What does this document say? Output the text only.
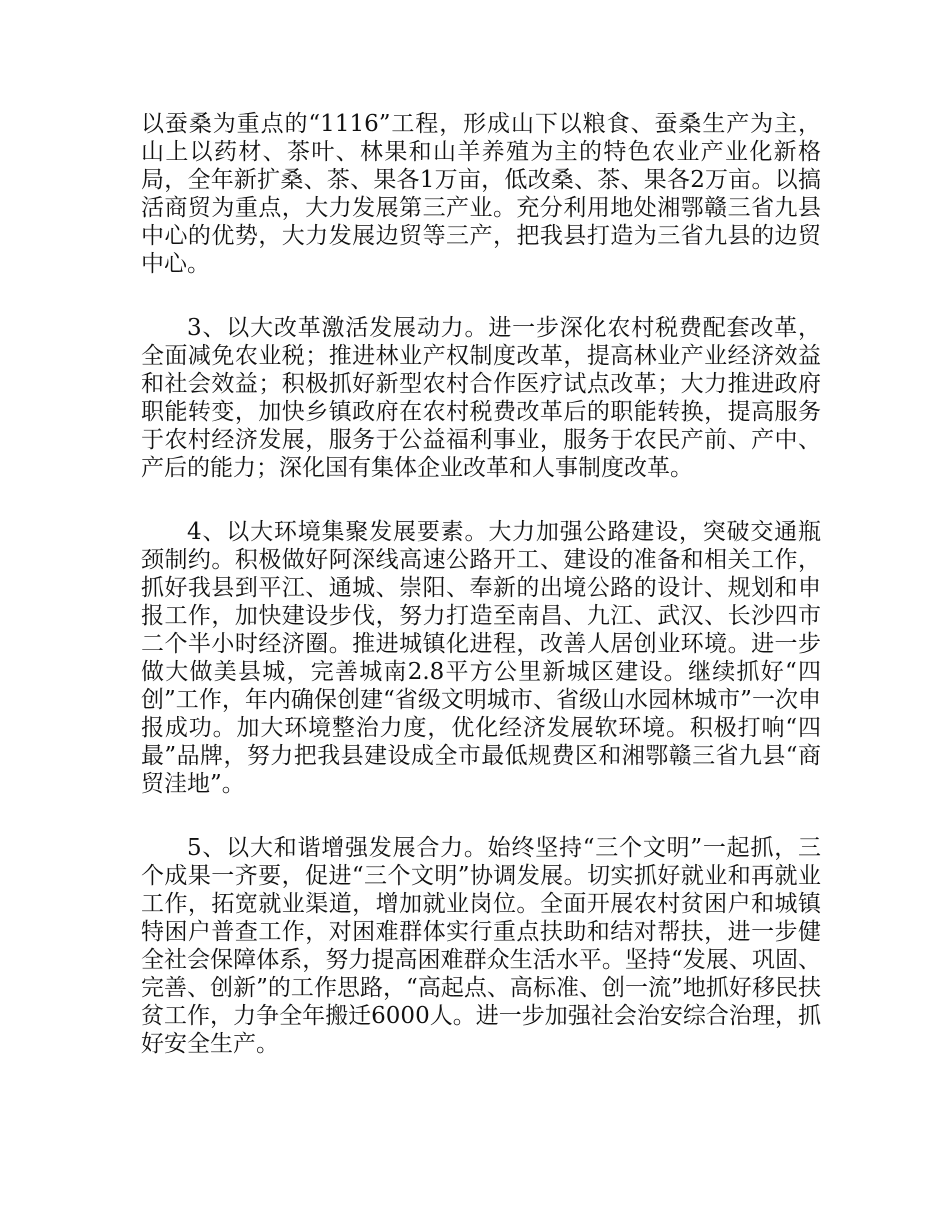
以蚕桑为重点的“1116”工程，形成山下以粮食、蚕桑生产为主，山上以药材、茶叶、林果和山羊养殖为主的特色农业产业化新格局，全年新扩桑、茶、果各1万亩，低改桑、茶、果各2万亩。以搞活商贸为重点，大力发展第三产业。充分利用地处湘鄂赣三省九县中心的优势，大力发展边贸等三产，把我县打造为三省九县的边贸中心。

3、以大改革激活发展动力。进一步深化农村税费配套改革，全面减免农业税；推进林业产权制度改革，提高林业产业经济效益和社会效益；积极抓好新型农村合作医疗试点改革；大力推进政府职能转变，加快乡镇政府在农村税费改革后的职能转换，提高服务于农村经济发展，服务于公益福利事业，服务于农民产前、产中、产后的能力；深化国有集体企业改革和人事制度改革。

4、以大环境集聚发展要素。大力加强公路建设，突破交通瓶颈制约。积极做好阿深线高速公路开工、建设的准备和相关工作，抓好我县到平江、通城、崇阳、奉新的出境公路的设计、规划和申报工作，加快建设步伐，努力打造至南昌、九江、武汉、长沙四市二个半小时经济圈。推进城镇化进程，改善人居创业环境。进一步做大做美县城，完善城南2.8平方公里新城区建设。继续抓好“四创”工作，年内确保创建“省级文明城市、省级山水园林城市”一次申报成功。加大环境整治力度，优化经济发展软环境。积极打响“四最”品牌，努力把我县建设成全市最低规费区和湘鄂赣三省九县“商贸洼地”。

5、以大和谐增强发展合力。始终坚持“三个文明”一起抓，三个成果一齐要，促进“三个文明”协调发展。切实抓好就业和再就业工作，拓宽就业渠道，增加就业岗位。全面开展农村贫困户和城镇特困户普查工作，对困难群体实行重点扶助和结对帮扶，进一步健全社会保障体系，努力提高困难群众生活水平。坚持“发展、巩固、完善、创新”的工作思路，“高起点、高标准、创一流”地抓好移民扶贫工作，力争全年搬迁6000人。进一步加强社会治安综合治理，抓好安全生产。
